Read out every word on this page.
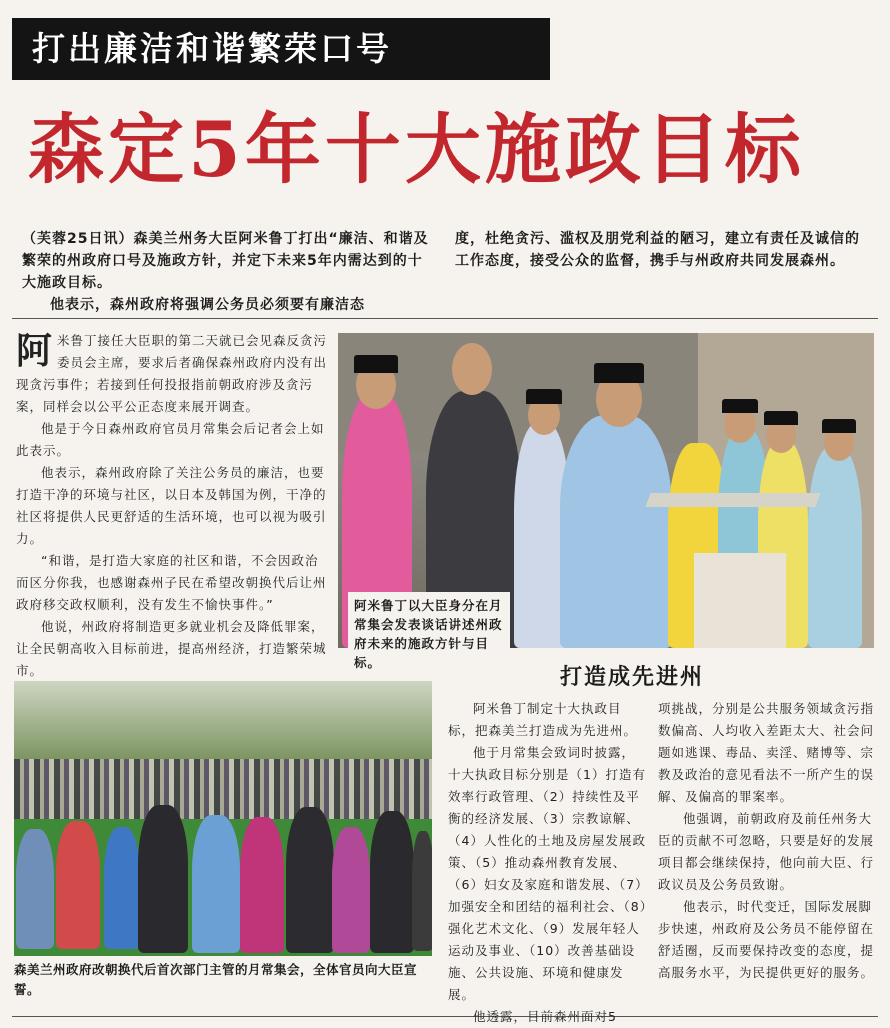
打出廉洁和谐繁荣口号
森定5年十大施政目标

（芙蓉25日讯）森美兰州务大臣阿米鲁丁打出“廉洁、和谐及繁荣的州政府口号及施政方针，并定下未来5年内需达到的十大施政目标。

他表示，森州政府将强调公务员必须要有廉洁态

度，杜绝贪污、滥权及朋党利益的陋习，建立有责任及诚信的工作态度，接受公众的监督，携手与州政府共同发展森州。

阿米鲁丁接任大臣职的第二天就已会见森反贪污委员会主席，要求后者确保森州政府内没有出现贪污事件；若接到任何投报指前朝政府涉及贪污案，同样会以公平公正态度来展开调查。

他是于今日森州政府官员月常集会后记者会上如此表示。

他表示，森州政府除了关注公务员的廉洁，也要打造干净的环境与社区，以日本及韩国为例，干净的社区将提供人民更舒适的生活环境，也可以视为吸引力。

“和谐，是打造大家庭的社区和谐，不会因政治而区分你我，也感谢森州子民在希望改朝换代后让州政府移交政权顺利，没有发生不愉快事件。”

他说，州政府将制造更多就业机会及降低罪案，让全民朝高收入目标前进，提高州经济，打造繁荣城市。

阿米鲁丁以大臣身分在月常集会发表谈话讲述州政府未来的施政方针与目标。
打造成先进州
森美兰州政府改朝换代后首次部门主管的月常集会，全体官员向大臣宣誓。

阿米鲁丁制定十大执政目标，把森美兰打造成为先进州。

他于月常集会致词时披露，十大执政目标分别是（1）打造有效率行政管理、（2）持续性及平衡的经济发展、（3）宗教谅解、（4）人性化的土地及房屋发展政策、（5）推动森州教育发展、（6）妇女及家庭和谐发展、（7）加强安全和团结的福利社会、（8）强化艺术文化、（9）发展年轻人运动及事业、（10）改善基础设施、公共设施、环境和健康发展。

他透露，目前森州面对5

项挑战，分别是公共服务领域贪污指数偏高、人均收入差距太大、社会问题如逃课、毒品、卖淫、赌博等、宗教及政治的意见看法不一所产生的误解、及偏高的罪案率。

他强调，前朝政府及前任州务大臣的贡献不可忽略，只要是好的发展项目都会继续保持，他向前大臣、行政议员及公务员致谢。

他表示，时代变迁，国际发展脚步快速，州政府及公务员不能停留在舒适圈，反而要保持改变的态度，提高服务水平，为民提供更好的服务。
